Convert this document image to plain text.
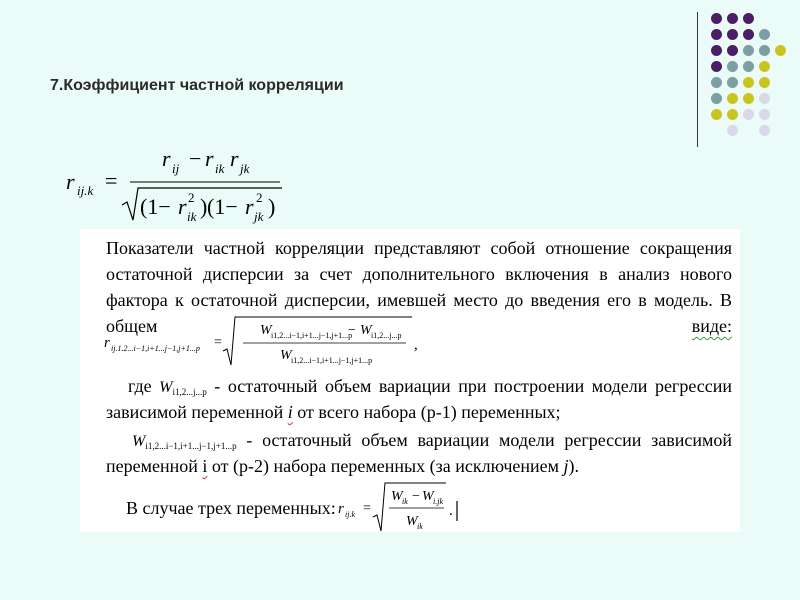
7.Коэффициент частной корреляции
r ij.k =
r ij − r ik r jk
(1− r 2
ik ) (1− r 2
jk )
Показатели частной корреляции представляют собой отношение сокращения остаточной дисперсии за счет дополнительного включения в анализ нового фактора к остаточной дисперсии, имевшей место до введения его в модель. В общем	виде:
r ij.1.2...i−1,i+1...j−1,j+1...p =
W i1,2...i−1,i+1...j−1,j+1...p
− W i1,2...j...p
W i1,2...i−1,i+1...j−1,j+1...p
,
где Wi1,2...j...p - остаточный объем вариации при построении модели регрессии
зависимой переменной i от всего набора (p-1) переменных;
Wi1,2...i−1,i+1...j−1,j+1...p - остаточный объем вариации модели регрессии зависимой
переменной i от (p-2) набора переменных (за исключением j).
В случае трех переменных: r ij.k =
W ik − W i.jk
W ik
.
